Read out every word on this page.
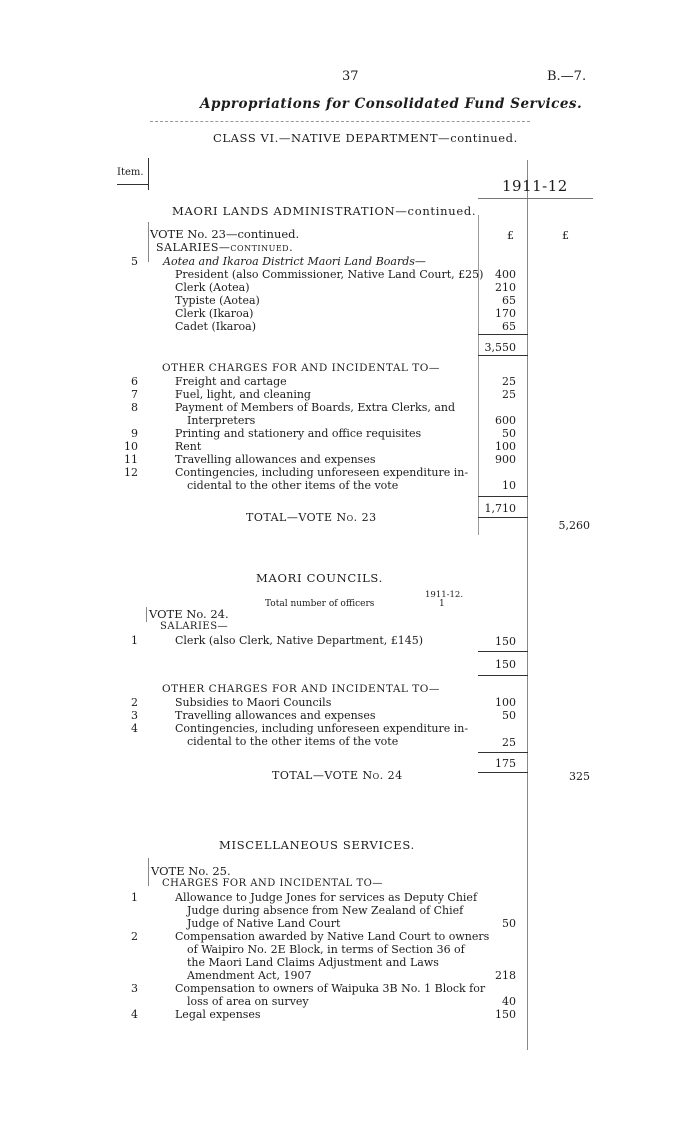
37	B.—7.
Appropriations for Consolidated Fund Services.
CLASS VI.—NATIVE DEPARTMENT—continued.
Item.
1911-12
MAORI LANDS ADMINISTRATION—continued.
VOTE No. 23—continued.	£	£
SALARIES—continued.
5 Aotea and Ikaroa District Maori Land Boards—
President (also Commissioner, Native Land Court, £25)	400
Clerk (Aotea)	210
Typiste (Aotea)	65
Clerk (Ikaroa)	170
Cadet (Ikaroa)	65
3,550
OTHER CHARGES FOR AND INCIDENTAL TO—
6	Freight and cartage	25
7	Fuel, light, and cleaning	25
8	Payment of Members of Boards, Extra Clerks, and
Interpreters	600
9	Printing and stationery and office requisites	50
10	Rent	100
11	Travelling allowances and expenses	900
12	Contingencies, including unforeseen expenditure in-
cidental to the other items of the vote	10
1,710
TOTAL—VOTE No. 23
5,260
MAORI COUNCILS.
1911-12.
Total number of officers	1
VOTE No. 24.
SALARIES—
1	Clerk (also Clerk, Native Department, £145)	150
150
OTHER CHARGES FOR AND INCIDENTAL TO—
2	Subsidies to Maori Councils	100
3	Travelling allowances and expenses	50
4	Contingencies, including unforeseen expenditure in-
cidental to the other items of the vote	25
175
TOTAL—VOTE No. 24	325
MISCELLANEOUS SERVICES.
VOTE No. 25.
CHARGES FOR AND INCIDENTAL TO—
1	Allowance to Judge Jones for services as Deputy Chief
Judge during absence from New Zealand of Chief
Judge of Native Land Court	50
2	Compensation awarded by Native Land Court to owners
of Waipiro No. 2E Block, in terms of Section 36 of
the Maori Land Claims Adjustment and Laws
Amendment Act, 1907	218
3	Compensation to owners of Waipuka 3B No. 1 Block for
loss of area on survey	40
4	Legal expenses	150
